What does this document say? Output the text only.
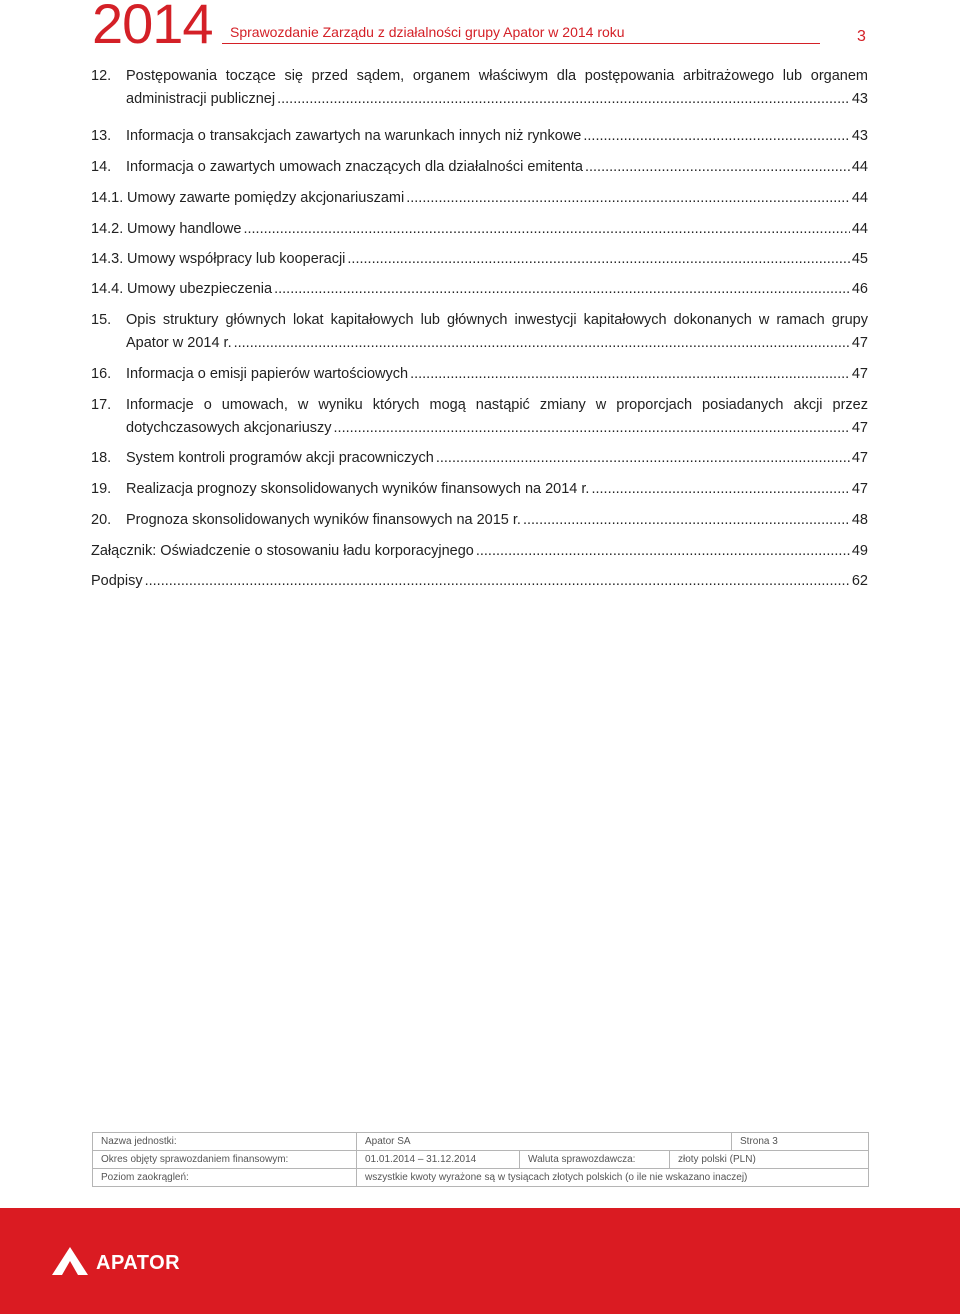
2014 Sprawozdanie Zarządu z działalności grupy Apator w 2014 roku	3
12.	Postępowania toczące się przed sądem, organem właściwym dla postępowania arbitrażowego lub organem
administracji publicznej .....	43
13.	Informacja o transakcjach zawartych na warunkach innych niż rynkowe .....	43
14.	Informacja o zawartych umowach znaczących dla działalności emitenta .....	44
14.1. Umowy zawarte pomiędzy akcjonariuszami .....	44
14.2. Umowy handlowe .....	44
14.3. Umowy współpracy lub kooperacji .....	45
14.4. Umowy ubezpieczenia .....	46
15.	Opis struktury głównych lokat kapitałowych lub głównych inwestycji kapitałowych dokonanych w ramach grupy
Apator w 2014 r. .....	47
16.	Informacja o emisji papierów wartościowych .....	47
17.	Informacje o umowach, w wyniku których mogą nastąpić zmiany w proporcjach posiadanych akcji przez
dotychczasowych akcjonariuszy .....	47
18.	System kontroli programów akcji pracowniczych .....	47
19.	Realizacja prognozy skonsolidowanych wyników finansowych na 2014 r. .....	47
20.	Prognoza skonsolidowanych wyników finansowych na 2015 r. .....	48
Załącznik: Oświadczenie o stosowaniu ładu korporacyjnego .....	49
Podpisy .....	62
Nazwa jednostki:	Apator SA			Strona 3
Okres objęty sprawozdaniem finansowym:	01.01.2014 – 31.12.2014	Waluta sprawozdawcza:	złoty polski (PLN)	
Poziom zaokrągleń:	wszystkie kwoty wyrażone są w tysiącach złotych polskich (o ile nie wskazano inaczej)			
APATOR
